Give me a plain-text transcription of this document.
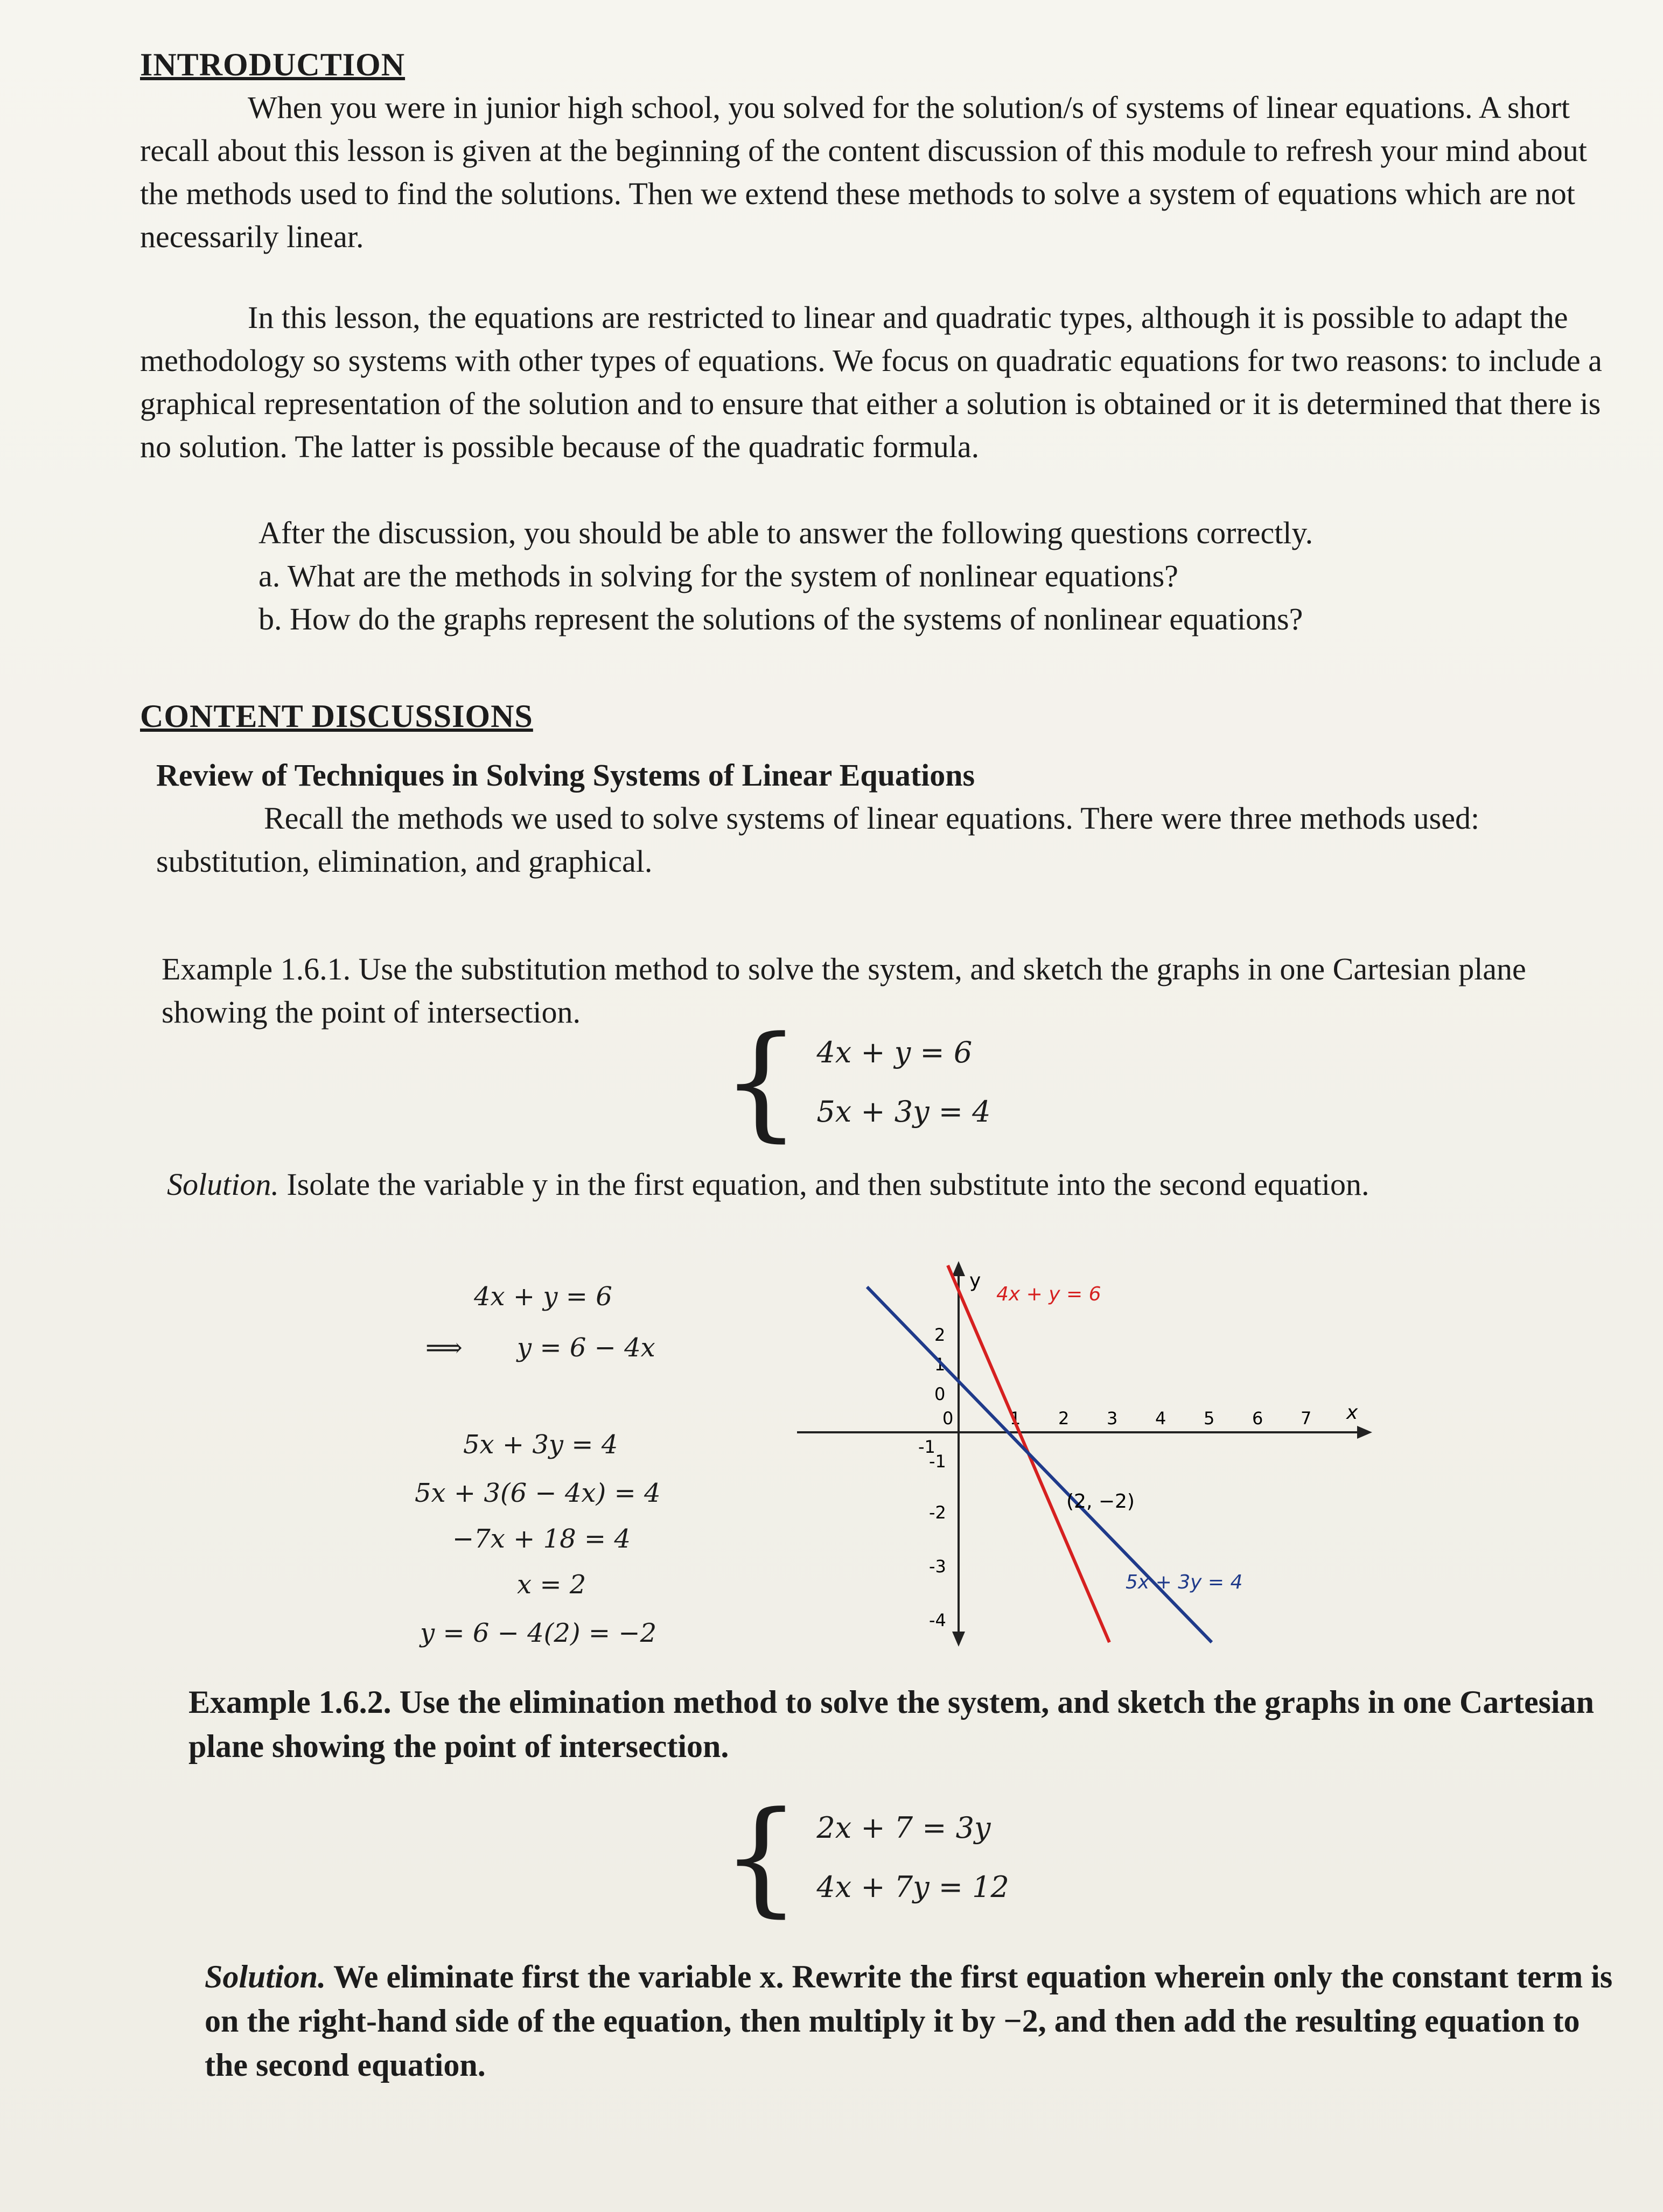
INTRODUCTION

When you were in junior high school, you solved for the solution/s of systems of linear equations. A short recall about this lesson is given at the beginning of the content discussion of this module to refresh your mind about the methods used to find the solutions. Then we extend these methods to solve a system of equations which are not necessarily linear.

In this lesson, the equations are restricted to linear and quadratic types, although it is possible to adapt the methodology so systems with other types of equations. We focus on quadratic equations for two reasons: to include a graphical representation of the solution and to ensure that either a solution is obtained or it is determined that there is no solution. The latter is possible because of the quadratic formula.

After the discussion, you should be able to answer the following questions correctly.

a. What are the methods in solving for the system of nonlinear equations?
b. How do the graphs represent the solutions of the systems of nonlinear equations?
CONTENT DISCUSSIONS
Review of Techniques in Solving Systems of Linear Equations

Recall the methods we used to solve systems of linear equations. There were three methods used: substitution, elimination, and graphical.

Example 1.6.1. Use the substitution method to solve the system, and sketch the graphs in one Cartesian plane showing the point of intersection.	{ 4x + y = 6
5x + 3y = 4

Solution. Isolate the variable y in the first equation, and then substitute into the second equation.

4x + y = 6
⟹ y = 6 − 4x
5x + 3y = 4
5x + 3(6 − 4x) = 4
−7x + 18 = 4
x = 2
y = 6 − 4(2) = −2
y
x
-1
0	1 2 3 4 5 6 7
2
1
0
-1
-2
-3
-4
4x + y = 6
5x + 3y = 4
(2, −2)

Example 1.6.2. Use the elimination method to solve the system, and sketch the graphs in one Cartesian plane showing the point of intersection.

{ 2x + 7 = 3y
4x + 7y = 12

Solution. We eliminate first the variable x. Rewrite the first equation wherein only the constant term is on the right-hand side of the equation, then multiply it by −2, and then add the resulting equation to the second equation.
